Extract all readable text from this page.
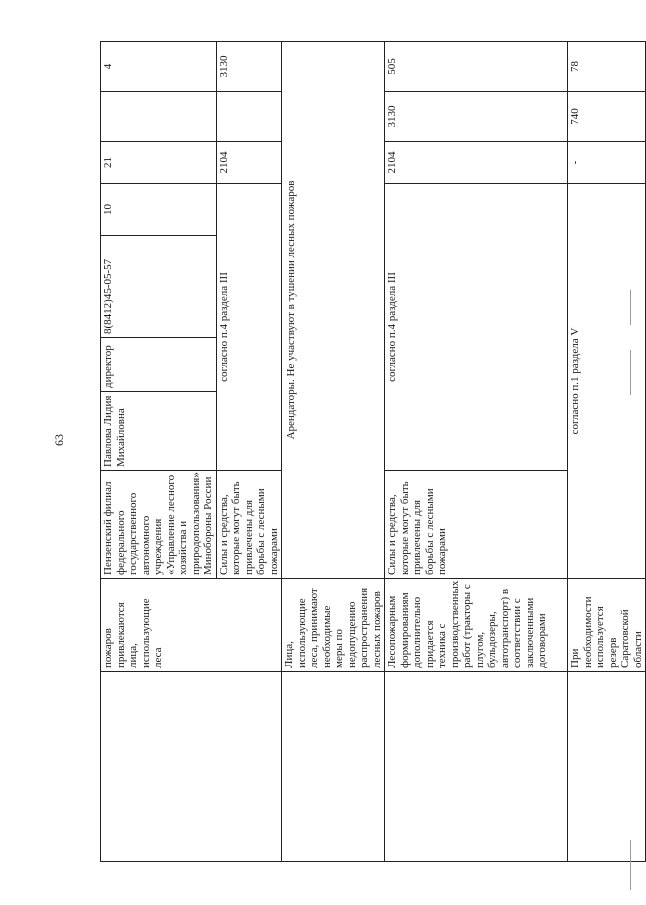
63
	пожаров привлекаются лица, использующие леса	Пензенский филиал федерального государственного автономного учреждения «Управление лесного хозяйства и природопользования» Минобороны России	Павлова Лидия Михайловна	директор	8(8412)45-05-57	10	21		4	
		Силы и средства, которые могут быть привлечены для борьбы с лесными пожарами	согласно п.4 раздела III				2104		3130	
	Лица, использующие леса, принимают необходимые меры по недопущению распространения лесных пожаров	Арендаторы. Не участвуют в тушении лесных пожаров								
	Лесопожарным формированиям дополнительно придается техника с производственных работ (тракторы с плугом, бульдозеры, автотранспорт) в соответствии с заключенными договорами	Силы и средства, которые могут быть привлечены для борьбы с лесными пожарами	согласно п.4 раздела III				2104	3130	505	
	При необходимости используется резерв Саратовской области	согласно п.1 раздела V					-	740	78	
